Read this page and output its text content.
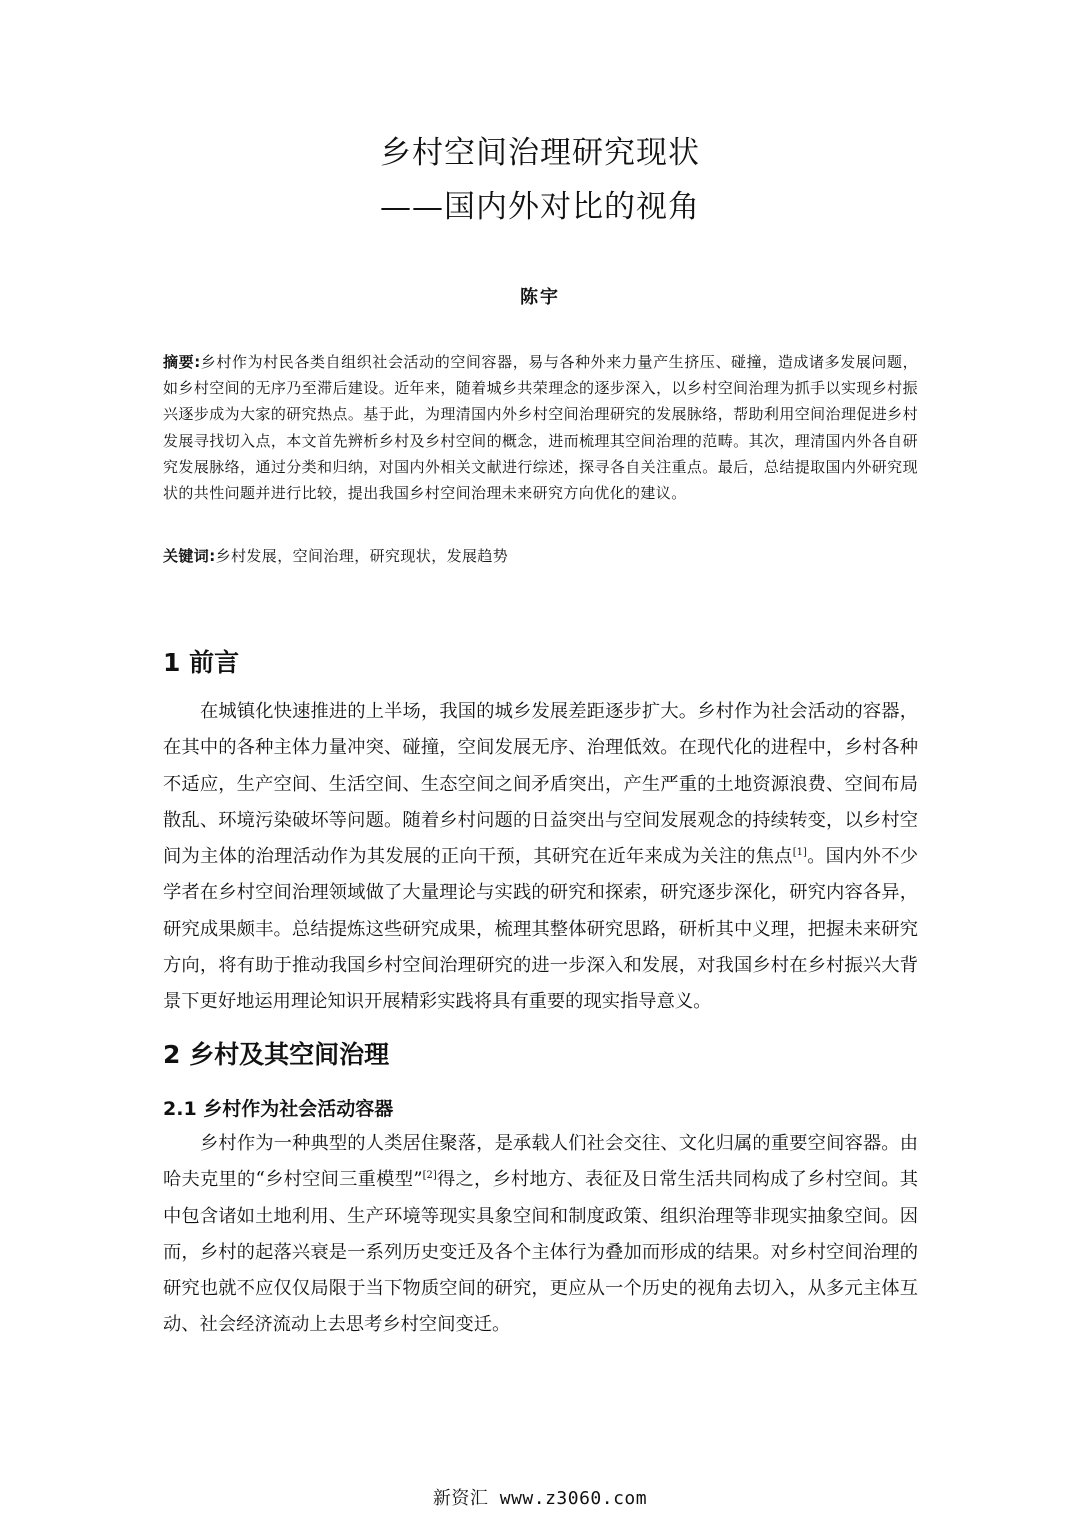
乡村空间治理研究现状
——国内外对比的视角
陈宇
摘要:乡村作为村民各类自组织社会活动的空间容器，易与各种外来力量产生挤压、碰撞，造成诸多发展问题，如乡村空间的无序乃至滞后建设。近年来，随着城乡共荣理念的逐步深入，以乡村空间治理为抓手以实现乡村振兴逐步成为大家的研究热点。基于此，为理清国内外乡村空间治理研究的发展脉络，帮助利用空间治理促进乡村发展寻找切入点，本文首先辨析乡村及乡村空间的概念，进而梳理其空间治理的范畴。其次，理清国内外各自研究发展脉络，通过分类和归纳，对国内外相关文献进行综述，探寻各自关注重点。最后，总结提取国内外研究现状的共性问题并进行比较，提出我国乡村空间治理未来研究方向优化的建议。
关键词:乡村发展，空间治理，研究现状，发展趋势
1 前言

在城镇化快速推进的上半场，我国的城乡发展差距逐步扩大。乡村作为社会活动的容器，在其中的各种主体力量冲突、碰撞，空间发展无序、治理低效。在现代化的进程中，乡村各种不适应，生产空间、生活空间、生态空间之间矛盾突出，产生严重的土地资源浪费、空间布局散乱、环境污染破坏等问题。随着乡村问题的日益突出与空间发展观念的持续转变，以乡村空间为主体的治理活动作为其发展的正向干预，其研究在近年来成为关注的焦点[1]。国内外不少学者在乡村空间治理领域做了大量理论与实践的研究和探索，研究逐步深化，研究内容各异，研究成果颇丰。总结提炼这些研究成果，梳理其整体研究思路，研析其中义理，把握未来研究方向，将有助于推动我国乡村空间治理研究的进一步深入和发展，对我国乡村在乡村振兴大背景下更好地运用理论知识开展精彩实践将具有重要的现实指导意义。

2 乡村及其空间治理
2.1 乡村作为社会活动容器

乡村作为一种典型的人类居住聚落，是承载人们社会交往、文化归属的重要空间容器。由哈夫克里的“乡村空间三重模型”[2]得之，乡村地方、表征及日常生活共同构成了乡村空间。其中包含诸如土地利用、生产环境等现实具象空间和制度政策、组织治理等非现实抽象空间。因而，乡村的起落兴衰是一系列历史变迁及各个主体行为叠加而形成的结果。对乡村空间治理的研究也就不应仅仅局限于当下物质空间的研究，更应从一个历史的视角去切入，从多元主体互动、社会经济流动上去思考乡村空间变迁。

新资汇 www.z3060.com
